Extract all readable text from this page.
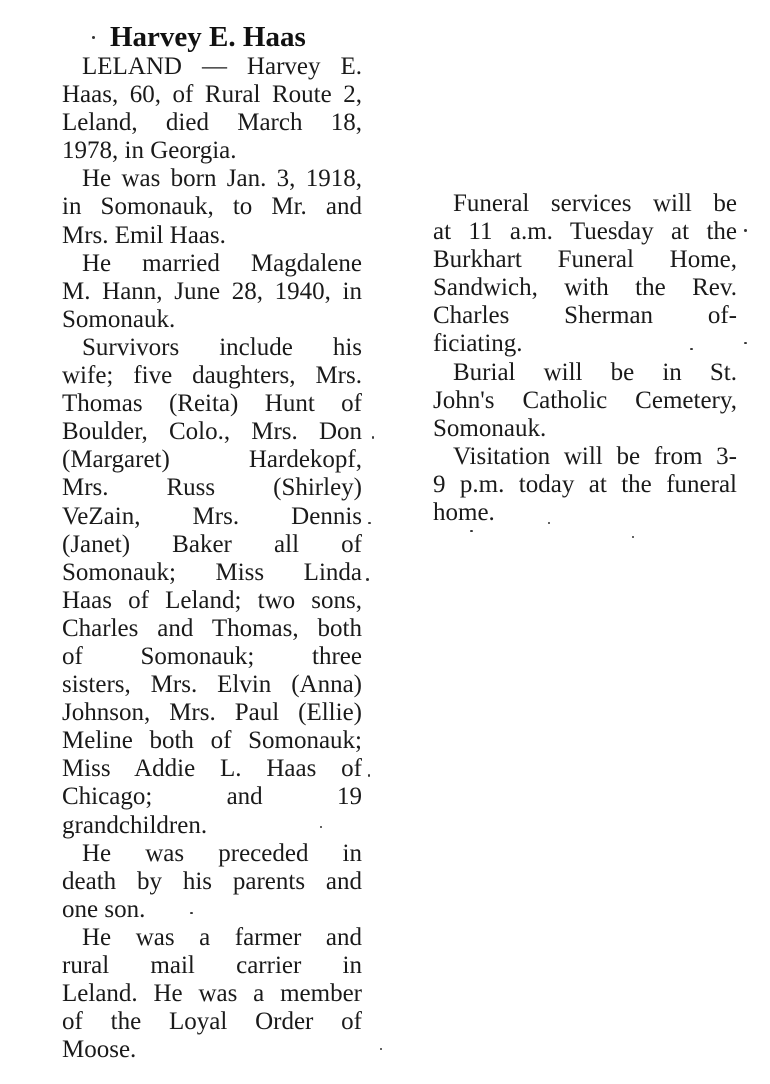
Harvey E. Haas
LELAND — Harvey E.
Haas, 60, of Rural Route 2,
Leland, died March 18,
1978, in Georgia.
He was born Jan. 3, 1918,
in Somonauk, to Mr. and
Mrs. Emil Haas.
He married Magdalene
M. Hann, June 28, 1940, in
Somonauk.
Survivors include his
wife; five daughters, Mrs.
Thomas (Reita) Hunt of
Boulder, Colo., Mrs. Don
(Margaret) Hardekopf,
Mrs. Russ (Shirley)
VeZain, Mrs. Dennis
(Janet) Baker all of
Somonauk; Miss Linda
Haas of Leland; two sons,
Charles and Thomas, both
of Somonauk; three
sisters, Mrs. Elvin (Anna)
Johnson, Mrs. Paul (Ellie)
Meline both of Somonauk;
Miss Addie L. Haas of
Chicago; and 19
grandchildren.
He was preceded in
death by his parents and
one son.
He was a farmer and
rural mail carrier in
Leland. He was a member
of the Loyal Order of
Moose.
Funeral services will be
at 11 a.m. Tuesday at the
Burkhart Funeral Home,
Sandwich, with the Rev.
Charles Sherman of-
ficiating.
Burial will be in St.
John's Catholic Cemetery,
Somonauk.
Visitation will be from 3-
9 p.m. today at the funeral
home.
